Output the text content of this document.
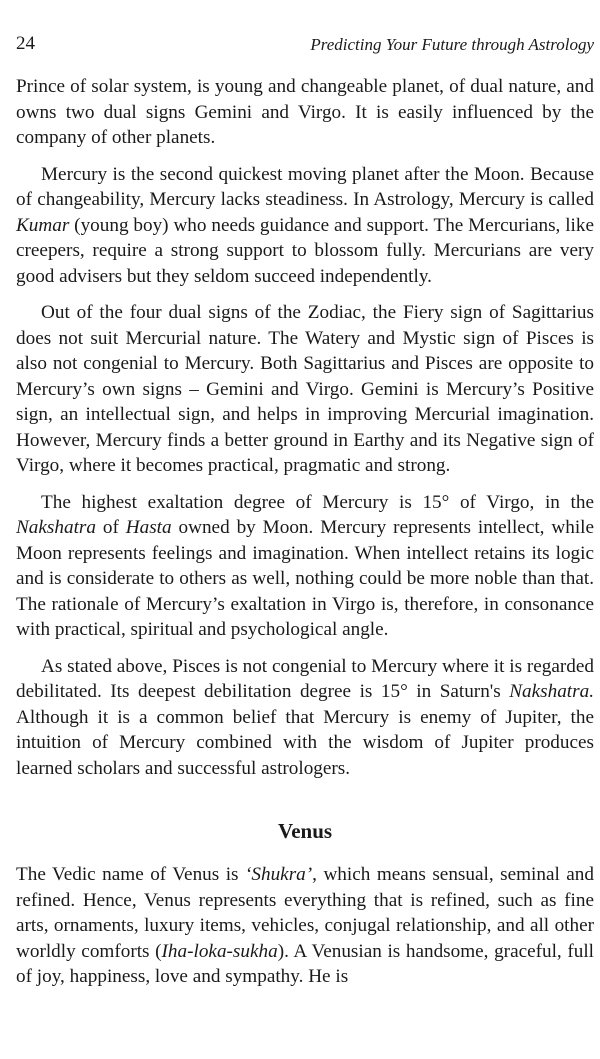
24	Predicting Your Future through Astrology

Prince of solar system, is young and changeable planet, of dual nature, and owns two dual signs Gemini and Virgo. It is easily influenced by the company of other planets.

Mercury is the second quickest moving planet after the Moon. Because of changeability, Mercury lacks steadiness. In Astrology, Mercury is called Kumar (young boy) who needs guidance and support. The Mercurians, like creepers, require a strong support to blossom fully. Mercurians are very good advisers but they seldom succeed independently.

Out of the four dual signs of the Zodiac, the Fiery sign of Sagittarius does not suit Mercurial nature. The Watery and Mystic sign of Pisces is also not congenial to Mercury. Both Sagittarius and Pisces are opposite to Mercury’s own signs – Gemini and Virgo. Gemini is Mercury’s Positive sign, an intellectual sign, and helps in improving Mercurial imagination. However, Mercury finds a better ground in Earthy and its Negative sign of Virgo, where it becomes practical, pragmatic and strong.

The highest exaltation degree of Mercury is 15° of Virgo, in the Nakshatra of Hasta owned by Moon. Mercury represents intellect, while Moon represents feelings and imagination. When intellect retains its logic and is considerate to others as well, nothing could be more noble than that. The rationale of Mercury’s exaltation in Virgo is, therefore, in consonance with practical, spiritual and psychological angle.

As stated above, Pisces is not congenial to Mercury where it is regarded debilitated. Its deepest debilitation degree is 15° in Saturn's Nakshatra. Although it is a common belief that Mercury is enemy of Jupiter, the intuition of Mercury combined with the wisdom of Jupiter produces learned scholars and successful astrologers.

Venus

The Vedic name of Venus is ‘Shukra’, which means sensual, seminal and refined. Hence, Venus represents everything that is refined, such as fine arts, ornaments, luxury items, vehicles, conjugal relationship, and all other worldly comforts (Iha-loka-sukha). A Venusian is handsome, graceful, full of joy, happiness, love and sympathy. He is
